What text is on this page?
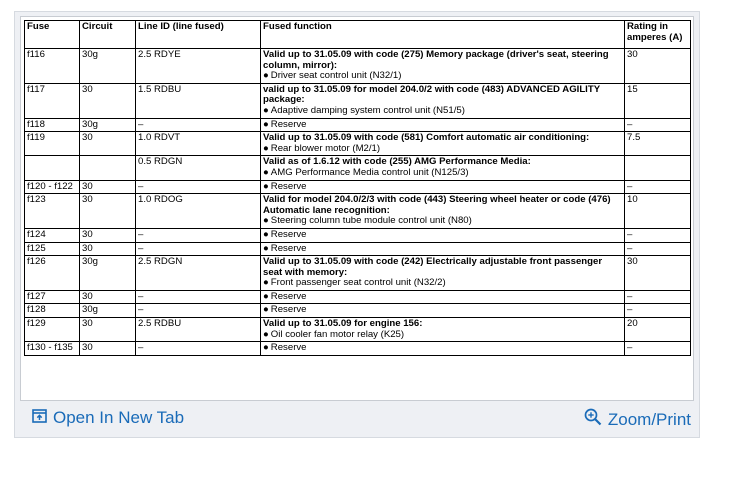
Fuse	Circuit	Line ID (line fused)	Fused function	Rating in amperes (A)
f116	30g	2.5 RDYE	Valid up to 31.05.09 with code (275) Memory package (driver's seat, steering column, mirror):
● Driver seat control unit (N32/1)	30
f117	30	1.5 RDBU	valid up to 31.05.09 for model 204.0/2 with code (483) ADVANCED AGILITY package:
● Adaptive damping system control unit (N51/5)	15
f118	30g	–	● Reserve	–
f119	30	1.0 RDVT	Valid up to 31.05.09 with code (581) Comfort automatic air conditioning:
● Rear blower motor (M2/1)	7.5
		0.5 RDGN	Valid as of 1.6.12 with code (255) AMG Performance Media:
● AMG Performance Media control unit (N125/3)	

f120 - f122	30	–	● Reserve	–
f123	30	1.0 RDOG	Valid for model 204.0/2/3 with code (443) Steering wheel heater or code (476) Automatic lane recognition:
● Steering column tube module control unit (N80)	10
f124	30	–	● Reserve	–
f125	30	–	● Reserve	–
f126	30g	2.5 RDGN	Valid up to 31.05.09 with code (242) Electrically adjustable front passenger seat with memory:
● Front passenger seat control unit (N32/2)	30
f127	30	–	● Reserve	–
f128	30g	–	● Reserve	–
f129	30	2.5 RDBU	Valid up to 31.05.09 for engine 156:
● Oil cooler fan motor relay (K25)	20
f130 - f135	30	–	● Reserve	–
Open In New Tab	Zoom/Print
